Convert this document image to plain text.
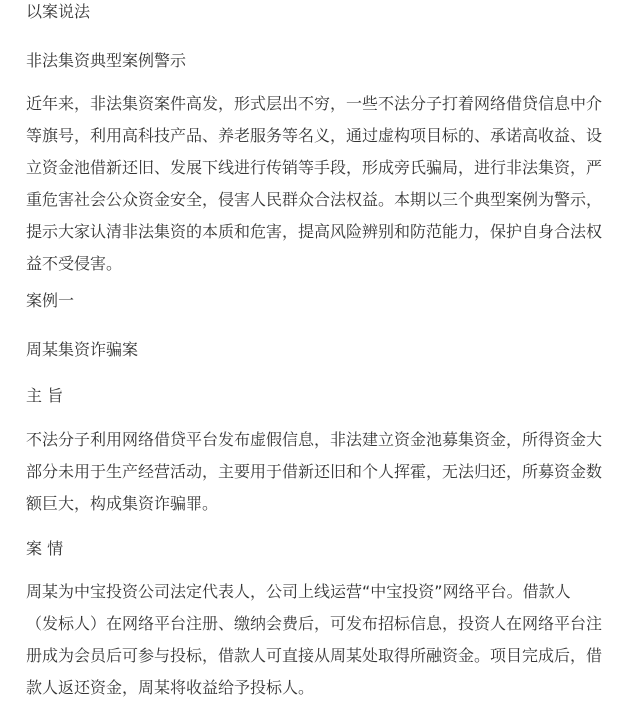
以案说法

非法集资典型案例警示

近年来，非法集资案件高发，形式层出不穷，一些不法分子打着网络借贷信息中介
等旗号，利用高科技产品、养老服务等名义，通过虚构项目标的、承诺高收益、设
立资金池借新还旧、发展下线进行传销等手段，形成旁氏骗局，进行非法集资，严
重危害社会公众资金安全，侵害人民群众合法权益。本期以三个典型案例为警示，
提示大家认清非法集资的本质和危害，提高风险辨别和防范能力，保护自身合法权
益不受侵害。

案例一

周某集资诈骗案

主 旨

不法分子利用网络借贷平台发布虚假信息，非法建立资金池募集资金，所得资金大
部分未用于生产经营活动，主要用于借新还旧和个人挥霍，无法归还，所募资金数
额巨大，构成集资诈骗罪。

案 情

周某为中宝投资公司法定代表人，公司上线运营“中宝投资”网络平台。借款人
（发标人）在网络平台注册、缴纳会费后，可发布招标信息，投资人在网络平台注
册成为会员后可参与投标，借款人可直接从周某处取得所融资金。项目完成后，借
款人返还资金，周某将收益给予投标人。
